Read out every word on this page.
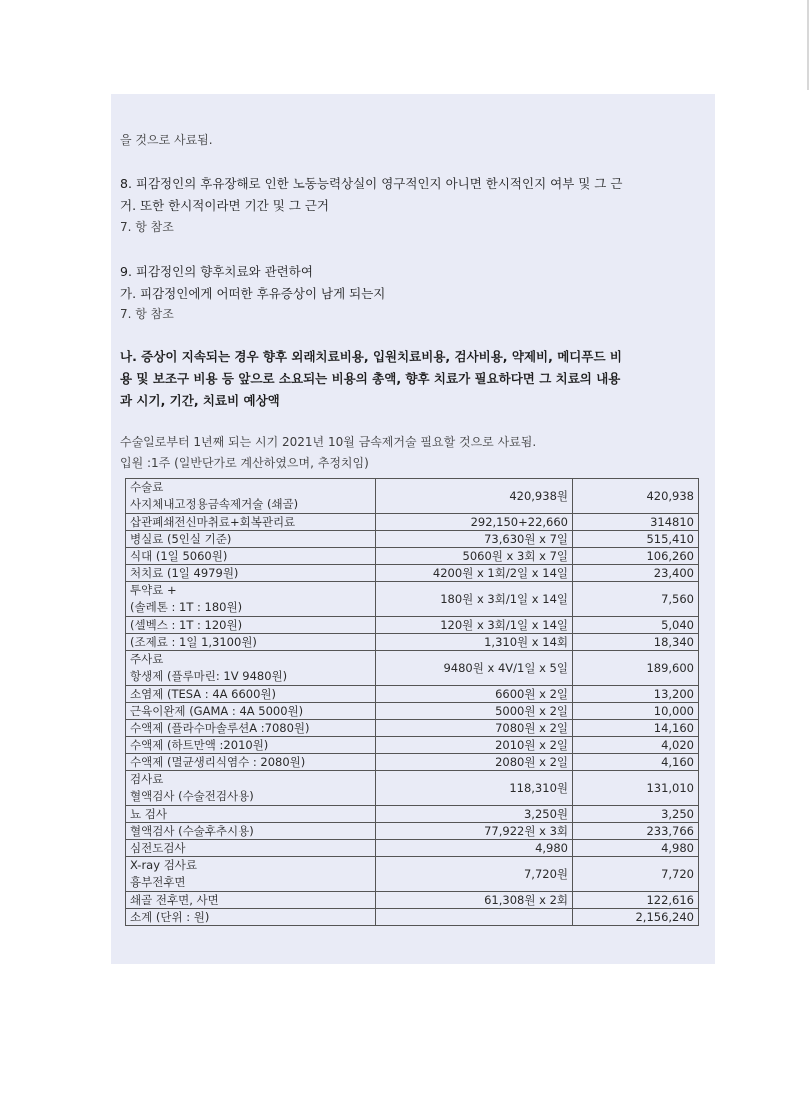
을 것으로 사료됨.
8. 피감정인의 후유장해로 인한 노동능력상실이 영구적인지 아니면 한시적인지 여부 및 그 근
거. 또한 한시적이라면 기간 및 그 근거
7. 항 참조
9. 피감정인의 향후치료와 관련하여
가. 피감정인에게 어떠한 후유증상이 남게 되는지
7. 항 참조
나. 증상이 지속되는 경우 향후 외래치료비용, 입원치료비용, 검사비용, 약제비, 메디푸드 비
용 및 보조구 비용 등 앞으로 소요되는 비용의 총액, 향후 치료가 필요하다면 그 치료의 내용
과 시기, 기간, 치료비 예상액
수술일로부터 1년째 되는 시기 2021년 10월 금속제거술 필요할 것으로 사료됨.
입원 :1주 (일반단가로 계산하였으며, 추정치임)
수술료
사지체내고정용금속제거술 (쇄골)	420,938원	420,938
삽관폐쇄전신마취료+회복관리료	292,150+22,660	314810
병실료 (5인실 기준)	73,630원 x 7일	515,410
식대 (1일 5060원)	5060원 x 3회 x 7일	106,260
처치료 (1일 4979원)	4200원 x 1회/2일 x 14일	23,400

투약료 +
(솔레톤 : 1T : 180원)	180원 x 3회/1일 x 14일	7,560
(셀벡스 : 1T : 120원)	120원 x 3회/1일 x 14일	5,040
(조제료 : 1일 1,3100원)	1,310원 x 14회	18,340

주사료
항생제 (플루마린: 1V 9480원)	9480원 x 4V/1일 x 5일	189,600
소염제 (TESA : 4A 6600원)	6600원 x 2일	13,200
근육이완제 (GAMA : 4A 5000원)	5000원 x 2일	10,000
수액제 (플라수마솔루션A :7080원)	7080원 x 2일	14,160
수액제 (하트만액 :2010원)	2010원 x 2일	4,020
수액제 (멸균생리식염수 : 2080원)	2080원 x 2일	4,160

검사료
혈액검사 (수술전검사용)	118,310원	131,010
뇨 검사	3,250원	3,250
혈액검사 (수술후추시용)	77,922원 x 3회	233,766
심전도검사	4,980	4,980

X-ray 검사료
흉부전후면	7,720원	7,720
쇄골 전후면, 사면	61,308원 x 2회	122,616
소계 (단위 : 원)		2,156,240
